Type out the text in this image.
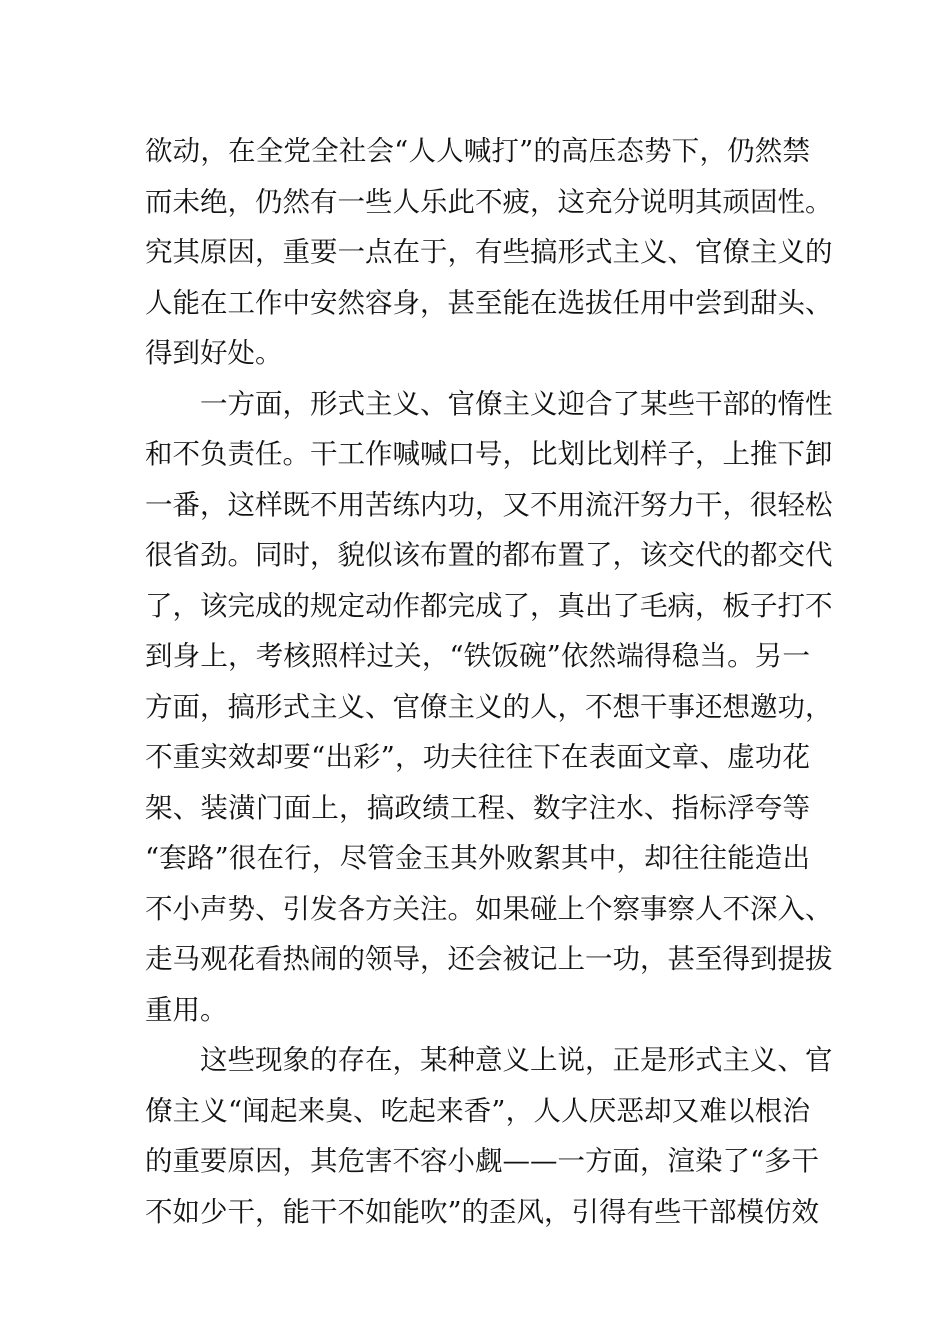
欲动，在全党全社会“人人喊打”的高压态势下，仍然禁
而未绝，仍然有一些人乐此不疲，这充分说明其顽固性。
究其原因，重要一点在于，有些搞形式主义、官僚主义的
人能在工作中安然容身，甚至能在选拔任用中尝到甜头、
得到好处。
一方面，形式主义、官僚主义迎合了某些干部的惰性
和不负责任。干工作喊喊口号，比划比划样子，上推下卸
一番，这样既不用苦练内功，又不用流汗努力干，很轻松
很省劲。同时，貌似该布置的都布置了，该交代的都交代
了，该完成的规定动作都完成了，真出了毛病，板子打不
到身上，考核照样过关，“铁饭碗”依然端得稳当。另一
方面，搞形式主义、官僚主义的人，不想干事还想邀功，
不重实效却要“出彩”，功夫往往下在表面文章、虚功花
架、装潢门面上，搞政绩工程、数字注水、指标浮夸等
“套路”很在行，尽管金玉其外败絮其中，却往往能造出
不小声势、引发各方关注。如果碰上个察事察人不深入、
走马观花看热闹的领导，还会被记上一功，甚至得到提拔
重用。
这些现象的存在，某种意义上说，正是形式主义、官
僚主义“闻起来臭、吃起来香”，人人厌恶却又难以根治
的重要原因，其危害不容小觑——一方面，渲染了“多干
不如少干，能干不如能吹”的歪风，引得有些干部模仿效
